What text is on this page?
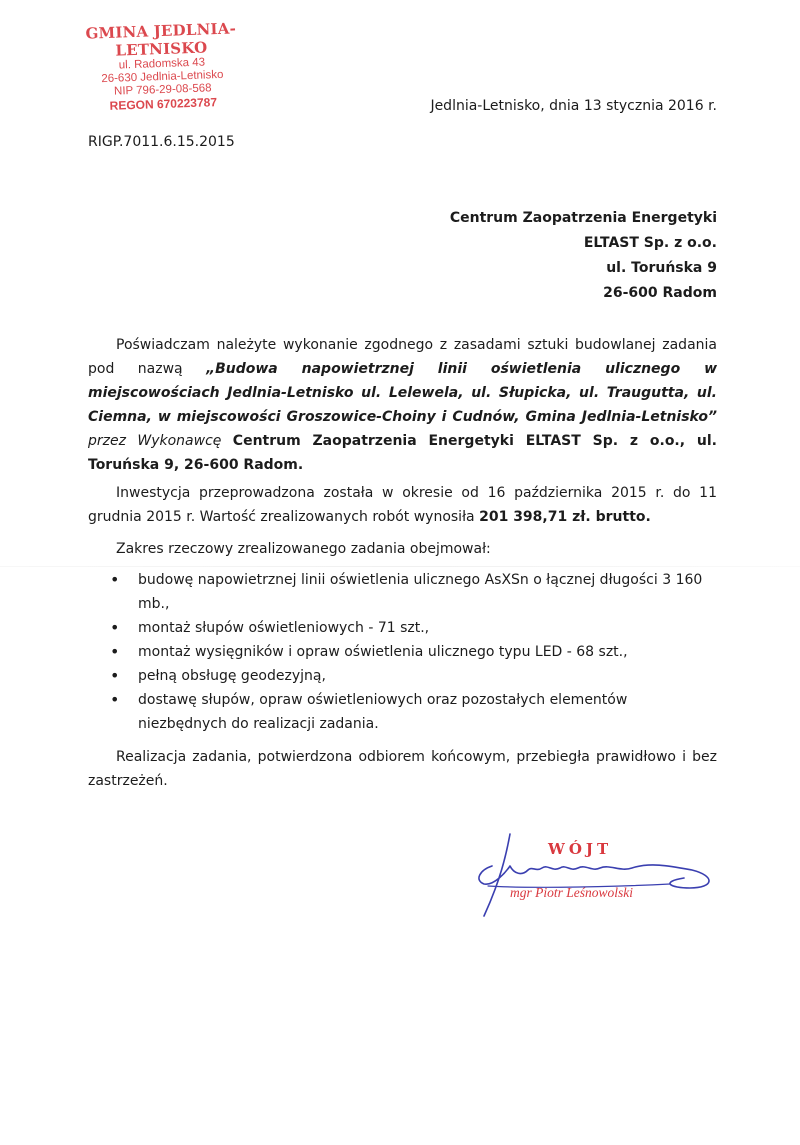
GMINA JEDLNIA-LETNISKO
ul. Radomska 43
26-630 Jedlnia-Letnisko
NIP 796-29-08-568
REGON 670223787	Jedlnia-Letnisko, dnia 13 stycznia 2016 r.
RIGP.7011.6.15.2015
Centrum Zaopatrzenia Energetyki
ELTAST Sp. z o.o.
ul. Toruńska 9
26-600 Radom

Poświadczam należyte wykonanie zgodnego z zasadami sztuki budowlanej zadania pod nazwą „Budowa napowietrznej linii oświetlenia ulicznego w miejscowościach Jedlnia-Letnisko ul. Lelewela, ul. Słupicka, ul. Traugutta, ul. Ciemna, w miejscowości Groszowice-Choiny i Cudnów, Gmina Jedlnia-Letnisko” przez Wykonawcę Centrum Zaopatrzenia Energetyki ELTAST Sp. z o.o., ul. Toruńska 9, 26-600 Radom.

Inwestycja przeprowadzona została w okresie od 16 października 2015 r. do 11 grudnia 2015 r. Wartość zrealizowanych robót wynosiła 201 398,71 zł. brutto.

Zakres rzeczowy zrealizowanego zadania obejmował:

• budowę napowietrznej linii oświetlenia ulicznego AsXSn o łącznej długości 3 160 mb.,
• montaż słupów oświetleniowych - 71 szt.,
• montaż wysięgników i opraw oświetlenia ulicznego typu LED - 68 szt.,
• pełną obsługę geodezyjną,
• dostawę słupów, opraw oświetleniowych oraz pozostałych elementów niezbędnych do realizacji zadania.

Realizacja zadania, potwierdzona odbiorem końcowym, przebiegła prawidłowo i bez zastrzeżeń.

WÓJT
mgr Piotr Leśnowolski
